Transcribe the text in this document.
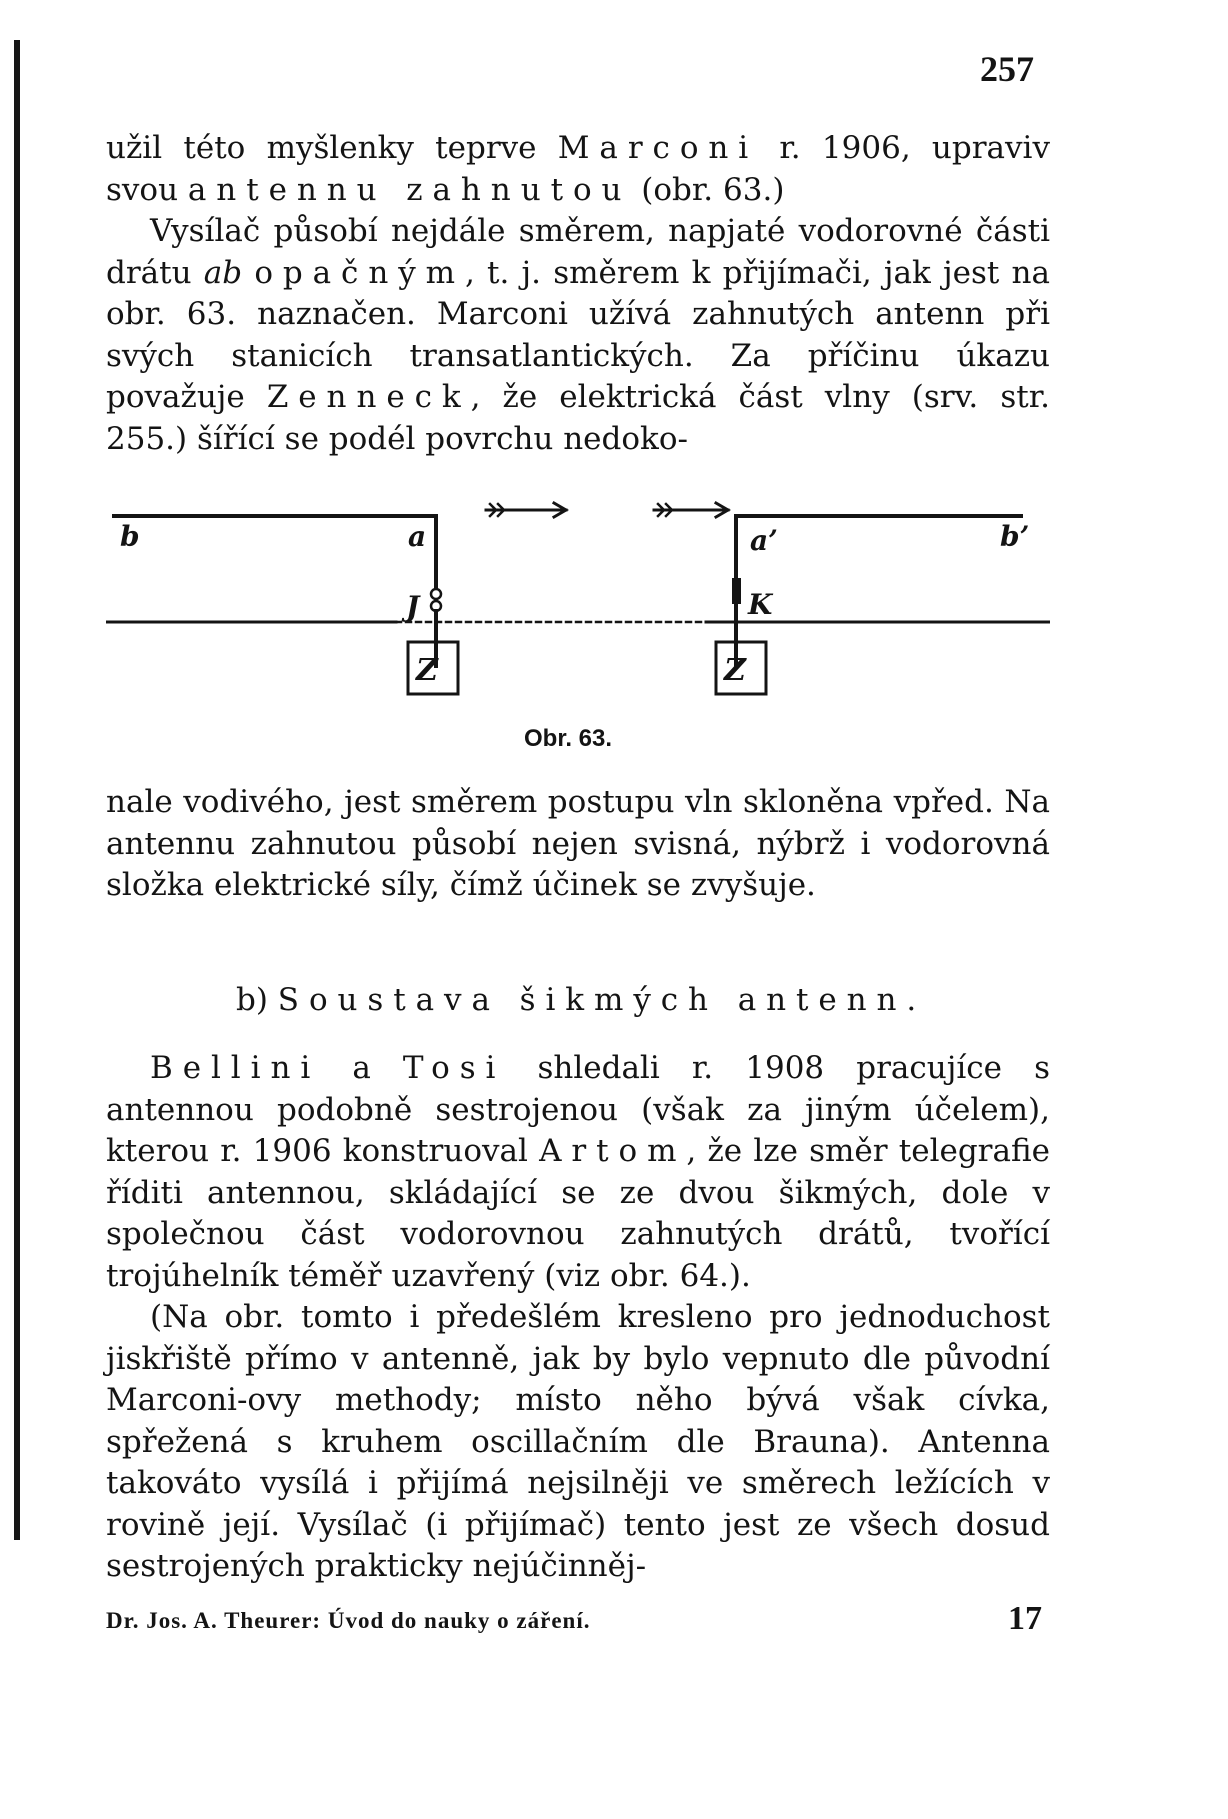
257

užil této myšlenky teprve Marconi r. 1906, upraviv svou antennu zahnutou (obr. 63.)

Vysílač působí nejdále směrem, napjaté vodorovné části drátu ab opačným, t. j. směrem k přijímači, jak jest na obr. 63. naznačen. Marconi užívá zahnutých antenn při svých stanicích transatlantických. Za příčinu úkazu považuje Zenneck, že elektrická část vlny (srv. str. 255.) šířící se podél povrchu nedoko-

b	a
J
a’	b’
K
Z	Z
Obr. 63.

nale vodivého, jest směrem postupu vln skloněna vpřed. Na antennu zahnutou působí nejen svisná, nýbrž i vodorovná složka elektrické síly, čímž účinek se zvyšuje.

b) Soustava šikmých antenn.

Bellini a Tosi shledali r. 1908 pracujíce s antennou podobně sestrojenou (však za jiným účelem), kterou r. 1906 konstruoval Artom, že lze směr telegrafie říditi antennou, skládající se ze dvou šikmých, dole v společnou část vodorovnou zahnutých drátů, tvořící trojúhelník téměř uzavřený (viz obr. 64.).

(Na obr. tomto i předešlém kresleno pro jednoduchost jiskřiště přímo v antenně, jak by bylo vepnuto dle původní Marconi-ovy methody; místo něho bývá však cívka, spřežená s kruhem oscillačním dle Brauna). Antenna takováto vysílá i přijímá nejsilněji ve směrech ležících v rovině její. Vysílač (i přijímač) tento jest ze všech dosud sestrojených prakticky nejúčinněj-

Dr. Jos. A. Theurer: Úvod do nauky o záření.	17
